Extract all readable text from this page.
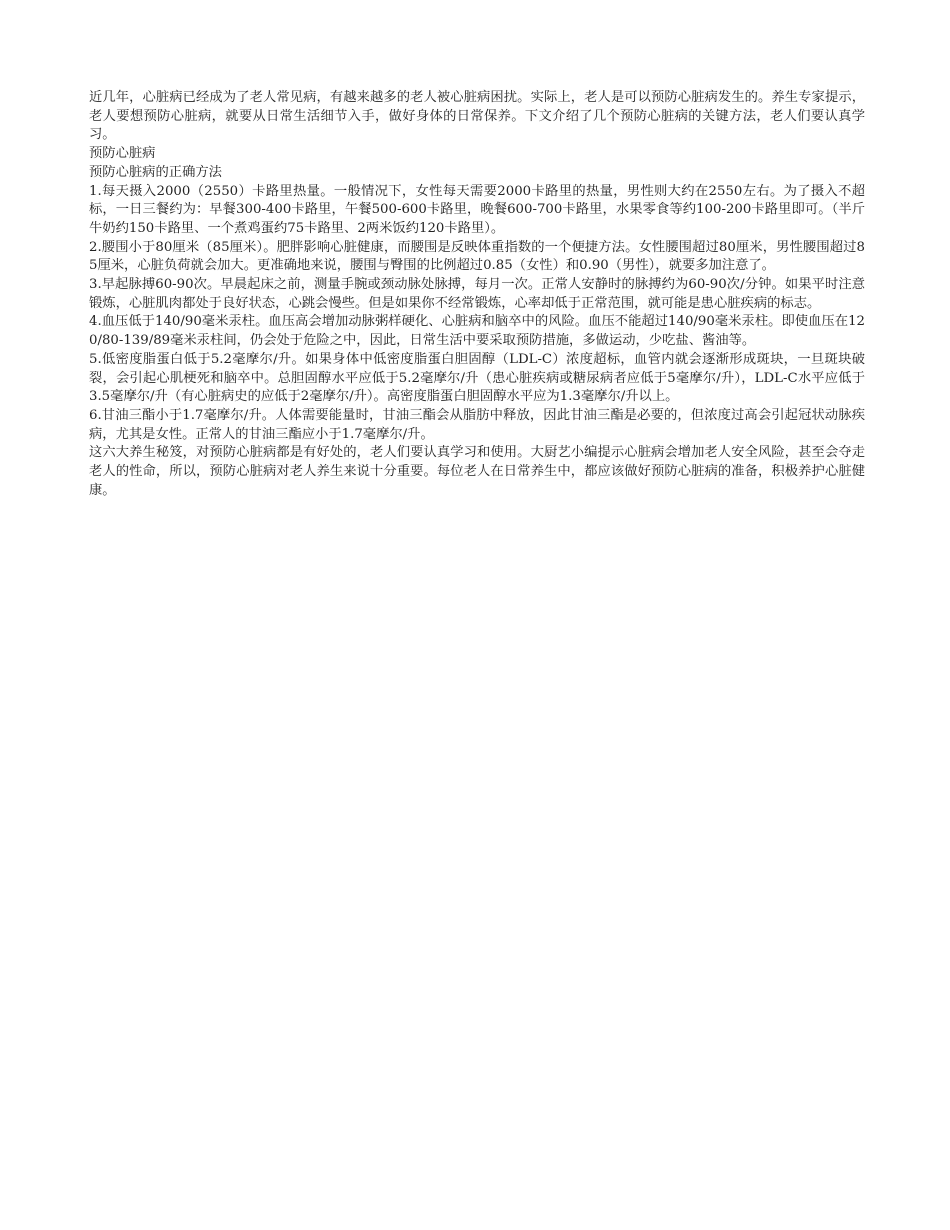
近几年，心脏病已经成为了老人常见病，有越来越多的老人被心脏病困扰。实际上，老人是可以预防心脏病发生的。养生专家提示，老人要想预防心脏病，就要从日常生活细节入手，做好身体的日常保养。下文介绍了几个预防心脏病的关键方法，老人们要认真学习。

预防心脏病

预防心脏病的正确方法

1.每天摄入2000（2550）卡路里热量。一般情况下，女性每天需要2000卡路里的热量，男性则大约在2550左右。为了摄入不超标，一日三餐约为：早餐300-400卡路里，午餐500-600卡路里，晚餐600-700卡路里，水果零食等约100-200卡路里即可。（半斤牛奶约150卡路里、一个煮鸡蛋约75卡路里、2两米饭约120卡路里）。

2.腰围小于80厘米（85厘米）。肥胖影响心脏健康，而腰围是反映体重指数的一个便捷方法。女性腰围超过80厘米，男性腰围超过85厘米，心脏负荷就会加大。更准确地来说，腰围与臀围的比例超过0.85（女性）和0.90（男性），就要多加注意了。

3.早起脉搏60-90次。早晨起床之前，测量手腕或颈动脉处脉搏，每月一次。正常人安静时的脉搏约为60-90次/分钟。如果平时注意锻炼，心脏肌肉都处于良好状态，心跳会慢些。但是如果你不经常锻炼，心率却低于正常范围，就可能是患心脏疾病的标志。

4.血压低于140/90毫米汞柱。血压高会增加动脉粥样硬化、心脏病和脑卒中的风险。血压不能超过140/90毫米汞柱。即使血压在120/80-139/89毫米汞柱间，仍会处于危险之中，因此，日常生活中要采取预防措施，多做运动，少吃盐、酱油等。

5.低密度脂蛋白低于5.2毫摩尔/升。如果身体中低密度脂蛋白胆固醇（LDL-C）浓度超标，血管内就会逐渐形成斑块，一旦斑块破裂，会引起心肌梗死和脑卒中。总胆固醇水平应低于5.2毫摩尔/升（患心脏疾病或糖尿病者应低于5毫摩尔/升），LDL-C水平应低于3.5毫摩尔/升（有心脏病史的应低于2毫摩尔/升）。高密度脂蛋白胆固醇水平应为1.3毫摩尔/升以上。

6.甘油三酯小于1.7毫摩尔/升。人体需要能量时，甘油三酯会从脂肪中释放，因此甘油三酯是必要的，但浓度过高会引起冠状动脉疾病，尤其是女性。正常人的甘油三酯应小于1.7毫摩尔/升。

这六大养生秘笈，对预防心脏病都是有好处的，老人们要认真学习和使用。大厨艺小编提示心脏病会增加老人安全风险，甚至会夺走老人的性命，所以，预防心脏病对老人养生来说十分重要。每位老人在日常养生中，都应该做好预防心脏病的准备，积极养护心脏健康。
